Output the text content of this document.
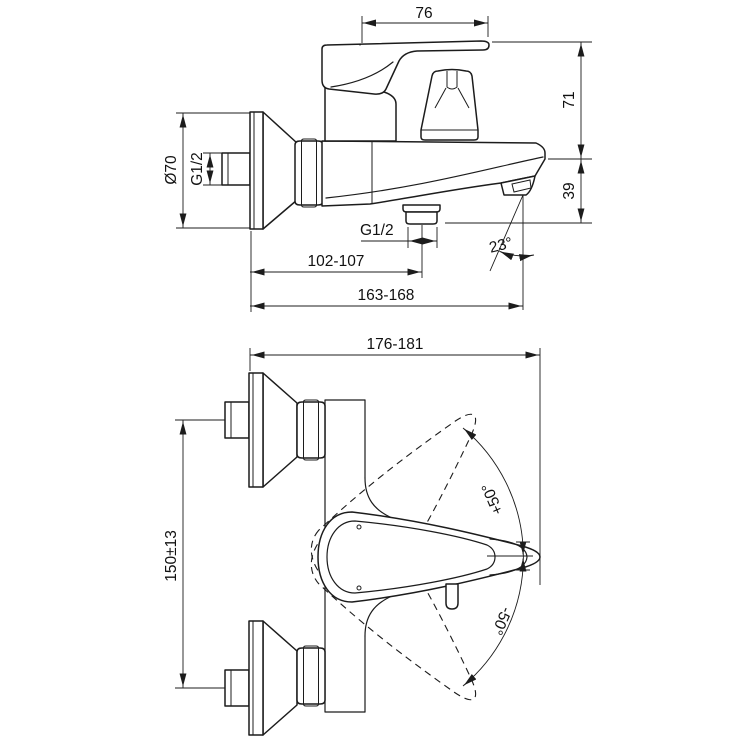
76
71
39
Ø70 G1/2
G1/2
102-107
163-168
23°
+50°
-50°
176-181
150±13
